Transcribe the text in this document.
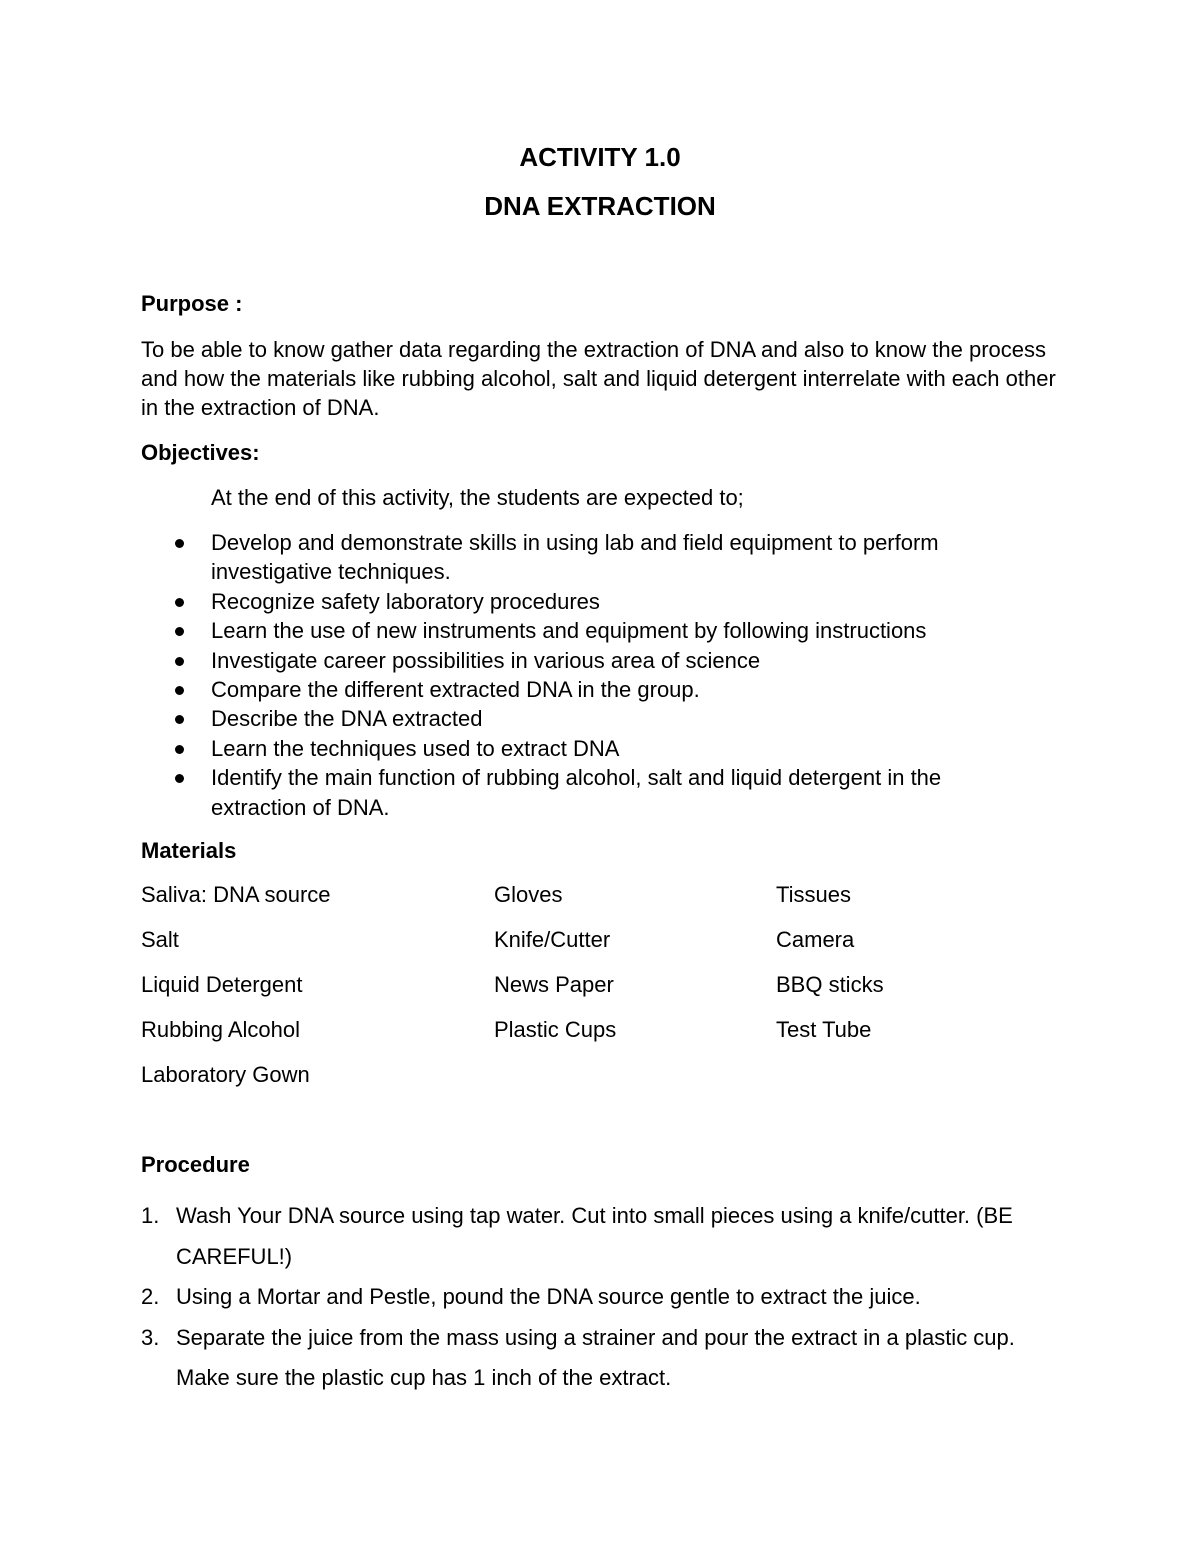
ACTIVITY 1.0
DNA EXTRACTION
Purpose :

To be able to know gather data regarding the extraction of DNA and also to know the process and how the materials like rubbing alcohol, salt and liquid detergent interrelate with each other in the extraction of DNA.

Objectives:

At the end of this activity, the students are expected to;

Develop and demonstrate skills in using lab and field equipment to perform investigative techniques.
Recognize safety laboratory procedures
Learn the use of new instruments and equipment by following instructions
Investigate career possibilities in various area of science
Compare the different extracted DNA in the group.
Describe the DNA extracted
Learn the techniques used to extract DNA
Identify the main function of rubbing alcohol, salt and liquid detergent in the extraction of DNA.
Materials

Saliva: DNA source

Salt

Liquid Detergent

Rubbing Alcohol

Laboratory Gown

Gloves

Knife/Cutter

News Paper

Plastic Cups

Tissues

Camera

BBQ sticks

Test Tube

Procedure
1. Wash Your DNA source using tap water. Cut into small pieces using a knife/cutter. (BE CAREFUL!)
2. Using a Mortar and Pestle, pound the DNA source gentle to extract the juice.
3. Separate the juice from the mass using a strainer and pour the extract in a plastic cup. Make sure the plastic cup has 1 inch of the extract.
